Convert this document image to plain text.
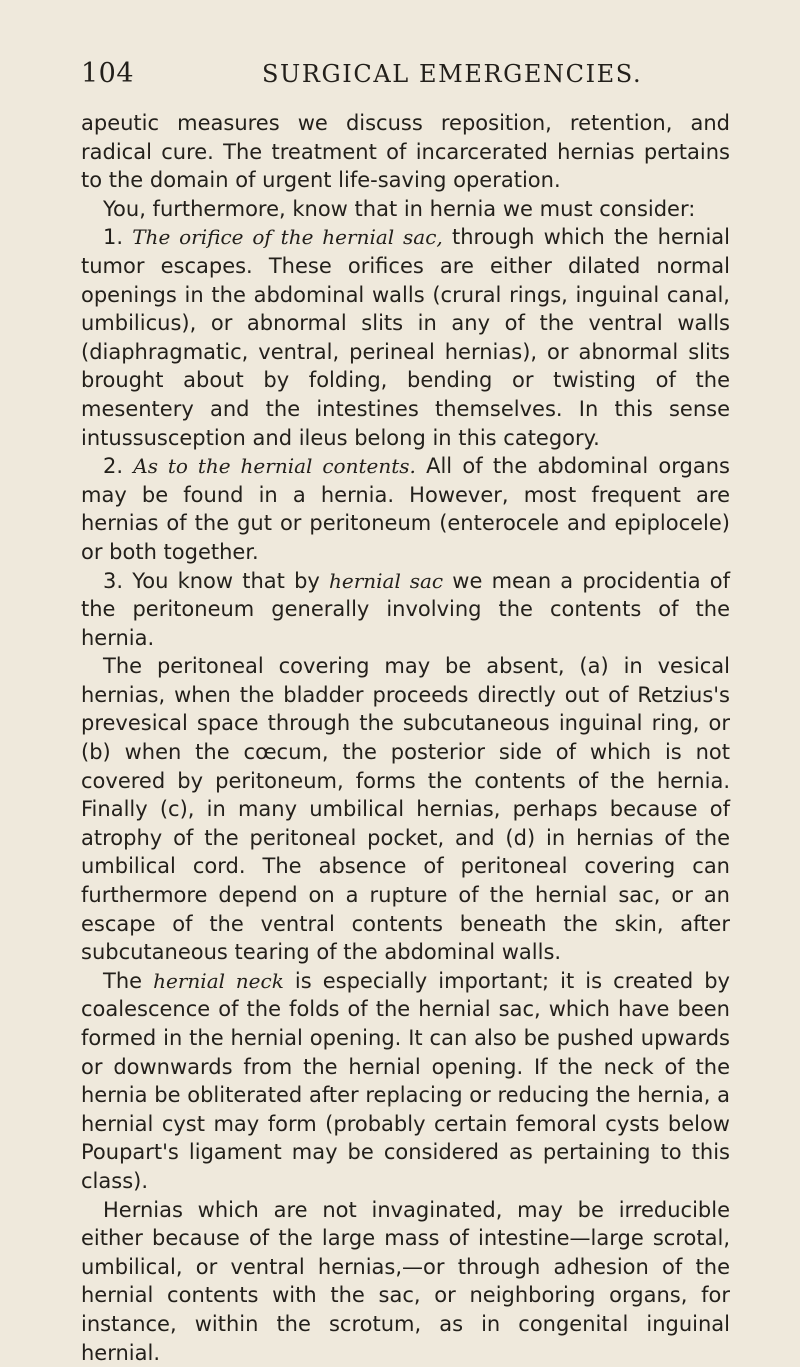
104	SURGICAL EMERGENCIES.

apeutic measures we discuss reposition, retention, and radical cure. The treatment of incarcerated hernias pertains to the domain of urgent life-saving operation.

You, furthermore, know that in hernia we must consider:

1. The orifice of the hernial sac, through which the hernial tumor escapes. These orifices are either dilated normal openings in the abdominal walls (crural rings, inguinal canal, umbilicus), or abnormal slits in any of the ventral walls (diaphragmatic, ventral, perineal hernias), or abnormal slits brought about by folding, bending or twisting of the mesentery and the intestines themselves. In this sense intussusception and ileus belong in this category.

2. As to the hernial contents. All of the abdominal organs may be found in a hernia. However, most frequent are hernias of the gut or peritoneum (enterocele and epiplocele) or both together.

3. You know that by hernial sac we mean a procidentia of the peritoneum generally involving the contents of the hernia.

The peritoneal covering may be absent, (a) in vesical hernias, when the bladder proceeds directly out of Retzius's prevesical space through the subcutaneous inguinal ring, or (b) when the cœcum, the posterior side of which is not covered by peritoneum, forms the contents of the hernia. Finally (c), in many umbilical hernias, perhaps because of atrophy of the peritoneal pocket, and (d) in hernias of the umbilical cord. The absence of peritoneal covering can furthermore depend on a rupture of the hernial sac, or an escape of the ventral contents beneath the skin, after subcutaneous tearing of the abdominal walls.

The hernial neck is especially important; it is created by coalescence of the folds of the hernial sac, which have been formed in the hernial opening. It can also be pushed upwards or downwards from the hernial opening. If the neck of the hernia be obliterated after replacing or reducing the hernia, a hernial cyst may form (probably certain femoral cysts below Poupart's ligament may be considered as pertaining to this class).

Hernias which are not invaginated, may be irreducible either because of the large mass of intestine—large scrotal, umbilical, or ventral hernias,—or through adhesion of the hernial contents with the sac, or neighboring organs, for instance, within the scrotum, as in congenital inguinal hernial.
